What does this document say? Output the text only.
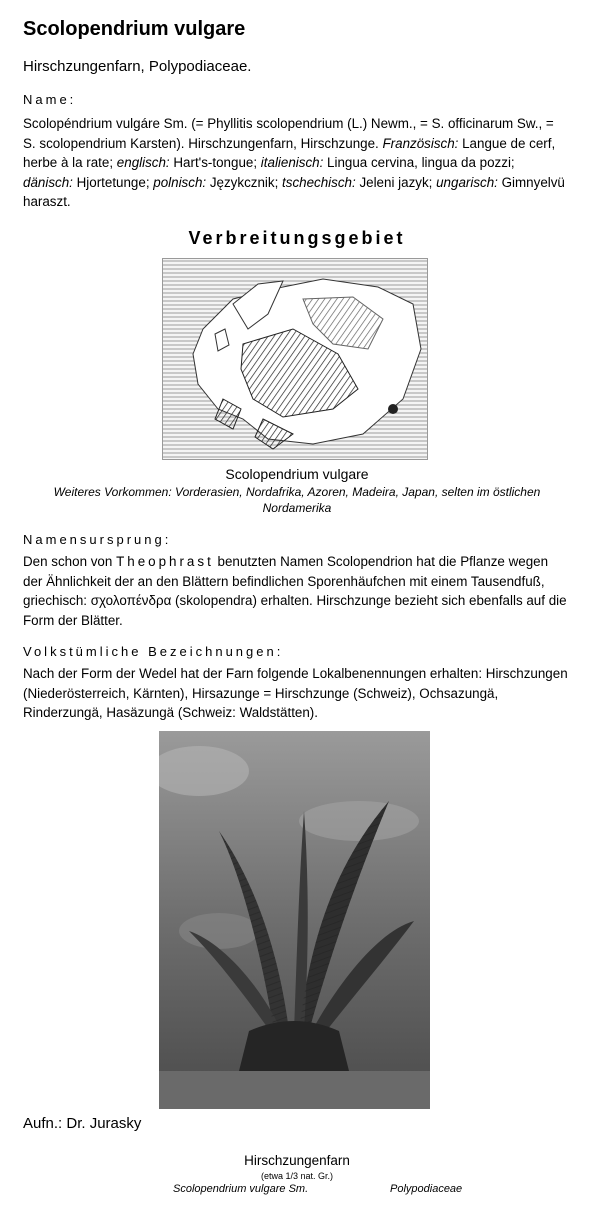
Scolopendrium vulgare
Hirschzungenfarn, Polypodiaceae.
Name:
Scolopéndrium vulgáre Sm. (= Phyllitis scolopendrium (L.) Newm., = S. officinarum Sw., = S. scolopendrium Karsten). Hirschzungenfarn, Hirschzunge. Französisch: Langue de cerf, herbe à la rate; englisch: Hart's-tongue; italienisch: Lingua cervina, lingua da pozzi; dänisch: Hjortetunge; polnisch: Język​cznik; tschechisch: Jeleni jazyk; ungarisch: Gimnyelvü haraszt.
Verbreitungsgebiet
Scolopendrium vulgare
Weiteres Vorkommen: Vorderasien, Nordafrika, Azoren, Madeira, Japan, selten im östlichen Nordamerika
Namensursprung:
Den schon von Theophrast benutzten Namen Scolopendrion hat die Pflanze wegen der Ähnlichkeit der an den Blättern befindlichen Sporenhäufchen mit einem Tausendfuß, griechisch: σχολοπένδρα (skolopendra) erhalten. Hirschzunge bezieht sich ebenfalls auf die Form der Blätter.
Volkstümliche Bezeichnungen:
Nach der Form der Wedel hat der Farn folgende Lokalbenennungen erhalten: Hirschzungen (Niederösterreich, Kärnten), Hirsazunge = Hirschzunge (Schweiz), Ochsazungä, Rinderzungä, Hasäzungä (Schweiz: Waldstätten).
Aufn.: Dr. Jurasky
Hirschzungenfarn
(etwa 1/3 nat. Gr.)
Scolopendrium vulgare Sm.	Polypodiaceae
